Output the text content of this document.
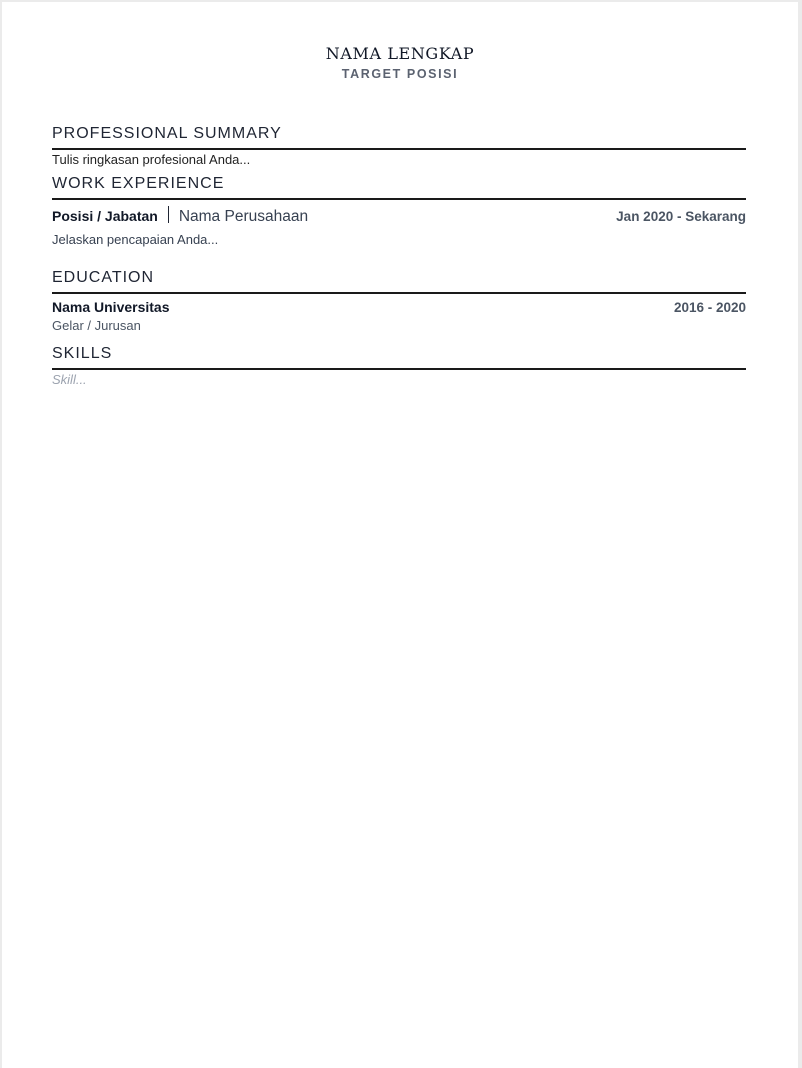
NAMA LENGKAP
TARGET POSISI
PROFESSIONAL SUMMARY
Tulis ringkasan profesional Anda...
WORK EXPERIENCE
Posisi / Jabatan Nama Perusahaan	Jan 2020 - Sekarang
Jelaskan pencapaian Anda...
EDUCATION
Nama Universitas	2016 - 2020
Gelar / Jurusan
SKILLS
Skill...
